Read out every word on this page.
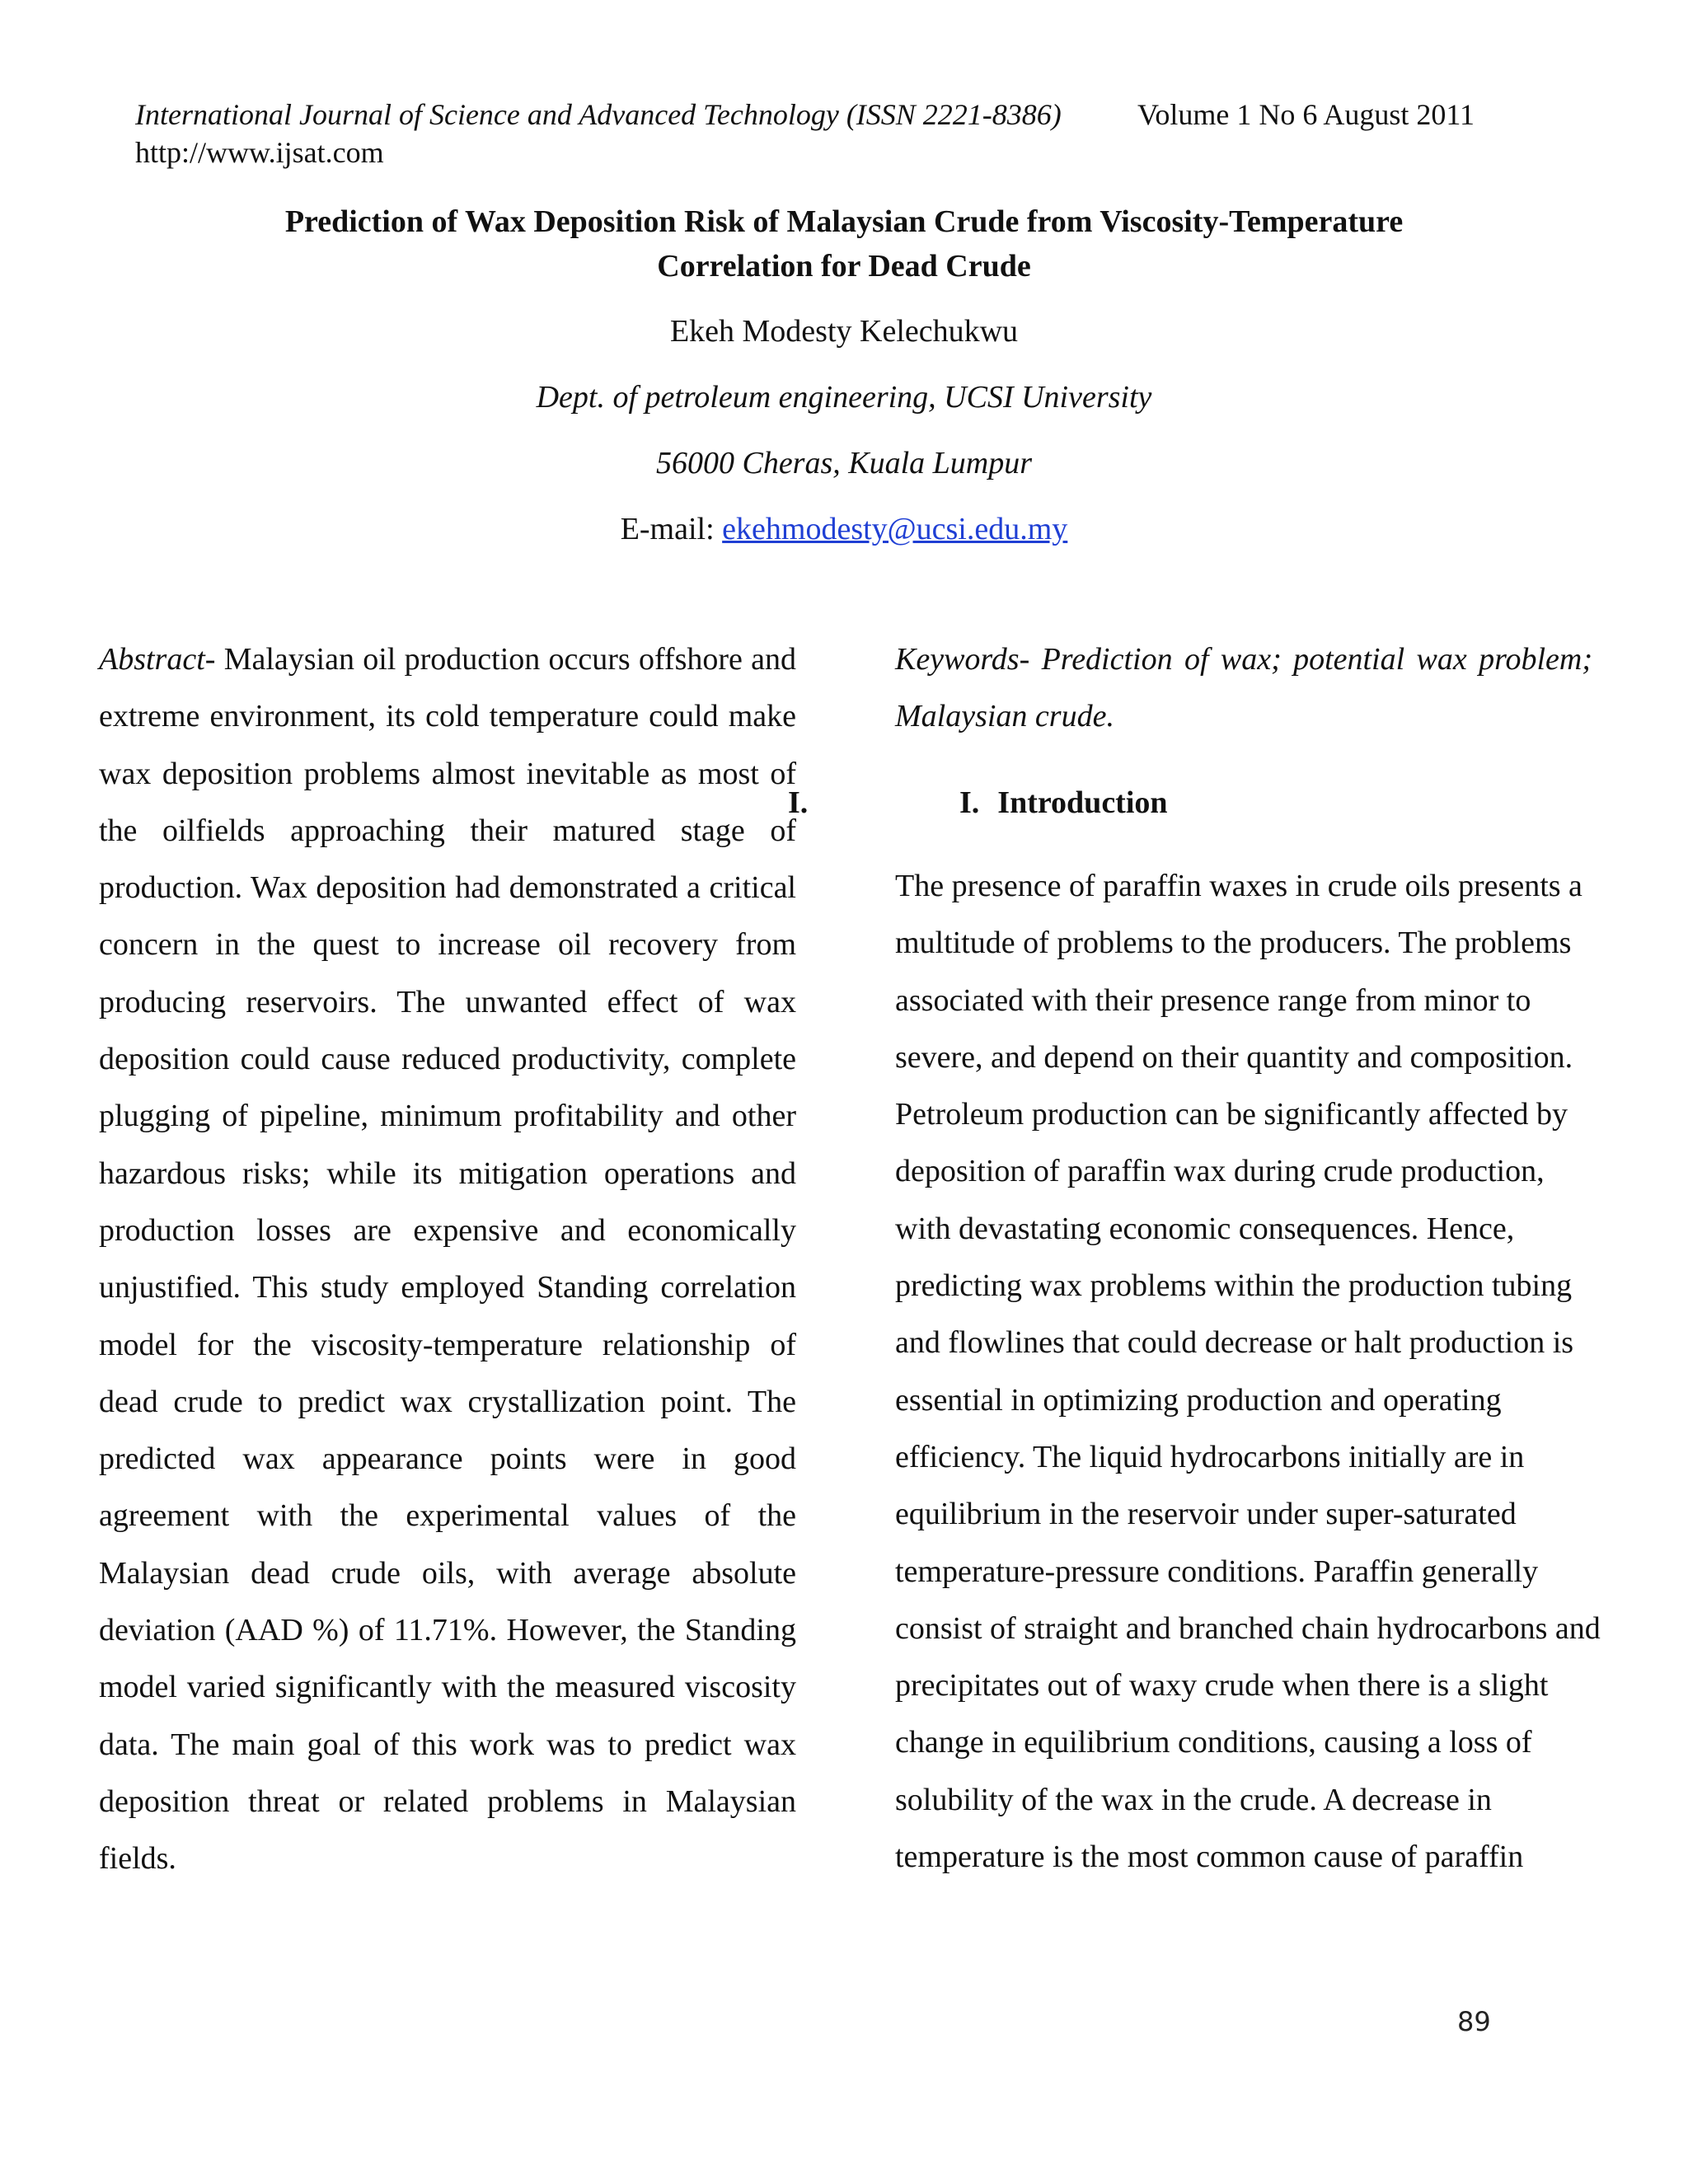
International Journal of Science and Advanced Technology (ISSN 2221-8386)	Volume 1 No 6 August 2011
http://www.ijsat.com
Prediction of Wax Deposition Risk of Malaysian Crude from Viscosity-Temperature
Correlation for Dead Crude
Ekeh Modesty Kelechukwu
Dept. of petroleum engineering, UCSI University
56000 Cheras, Kuala Lumpur
E-mail: ekehmodesty@ucsi.edu.my

Abstract- Malaysian oil production occurs offshore and extreme environment, its cold temperature could make wax deposition problems almost inevitable as most of the oilfields approaching their matured stage of production. Wax deposition had demonstrated a critical concern in the quest to increase oil recovery from producing reservoirs. The unwanted effect of wax deposition could cause reduced productivity, complete plugging of pipeline, minimum profitability and other hazardous risks; while its mitigation operations and production losses are expensive and economically unjustified. This study employed Standing correlation model for the viscosity-temperature relationship of dead crude to predict wax crystallization point. The predicted wax appearance points were in good agreement with the experimental values of the Malaysian dead crude oils, with average absolute deviation (AAD %) of 11.71%. However, the Standing model varied significantly with the measured viscosity data. The main goal of this work was to predict wax deposition threat or related problems in Malaysian fields.

Keywords- Prediction of wax; potential wax problem; Malaysian crude.

I.	I. Introduction

The presence of paraffin waxes in crude oils presents a multitude of problems to the producers. The problems associated with their presence range from minor to severe, and depend on their quantity and composition. Petroleum production can be significantly affected by deposition of paraffin wax during crude production, with devastating economic consequences. Hence, predicting wax problems within the production tubing and flowlines that could decrease or halt production is essential in optimizing production and operating efficiency. The liquid hydrocarbons initially are in equilibrium in the reservoir under super-saturated temperature-pressure conditions. Paraffin generally consist of straight and branched chain hydrocarbons and precipitates out of waxy crude when there is a slight change in equilibrium conditions, causing a loss of solubility of the wax in the crude. A decrease in temperature is the most common cause of paraffin

89
